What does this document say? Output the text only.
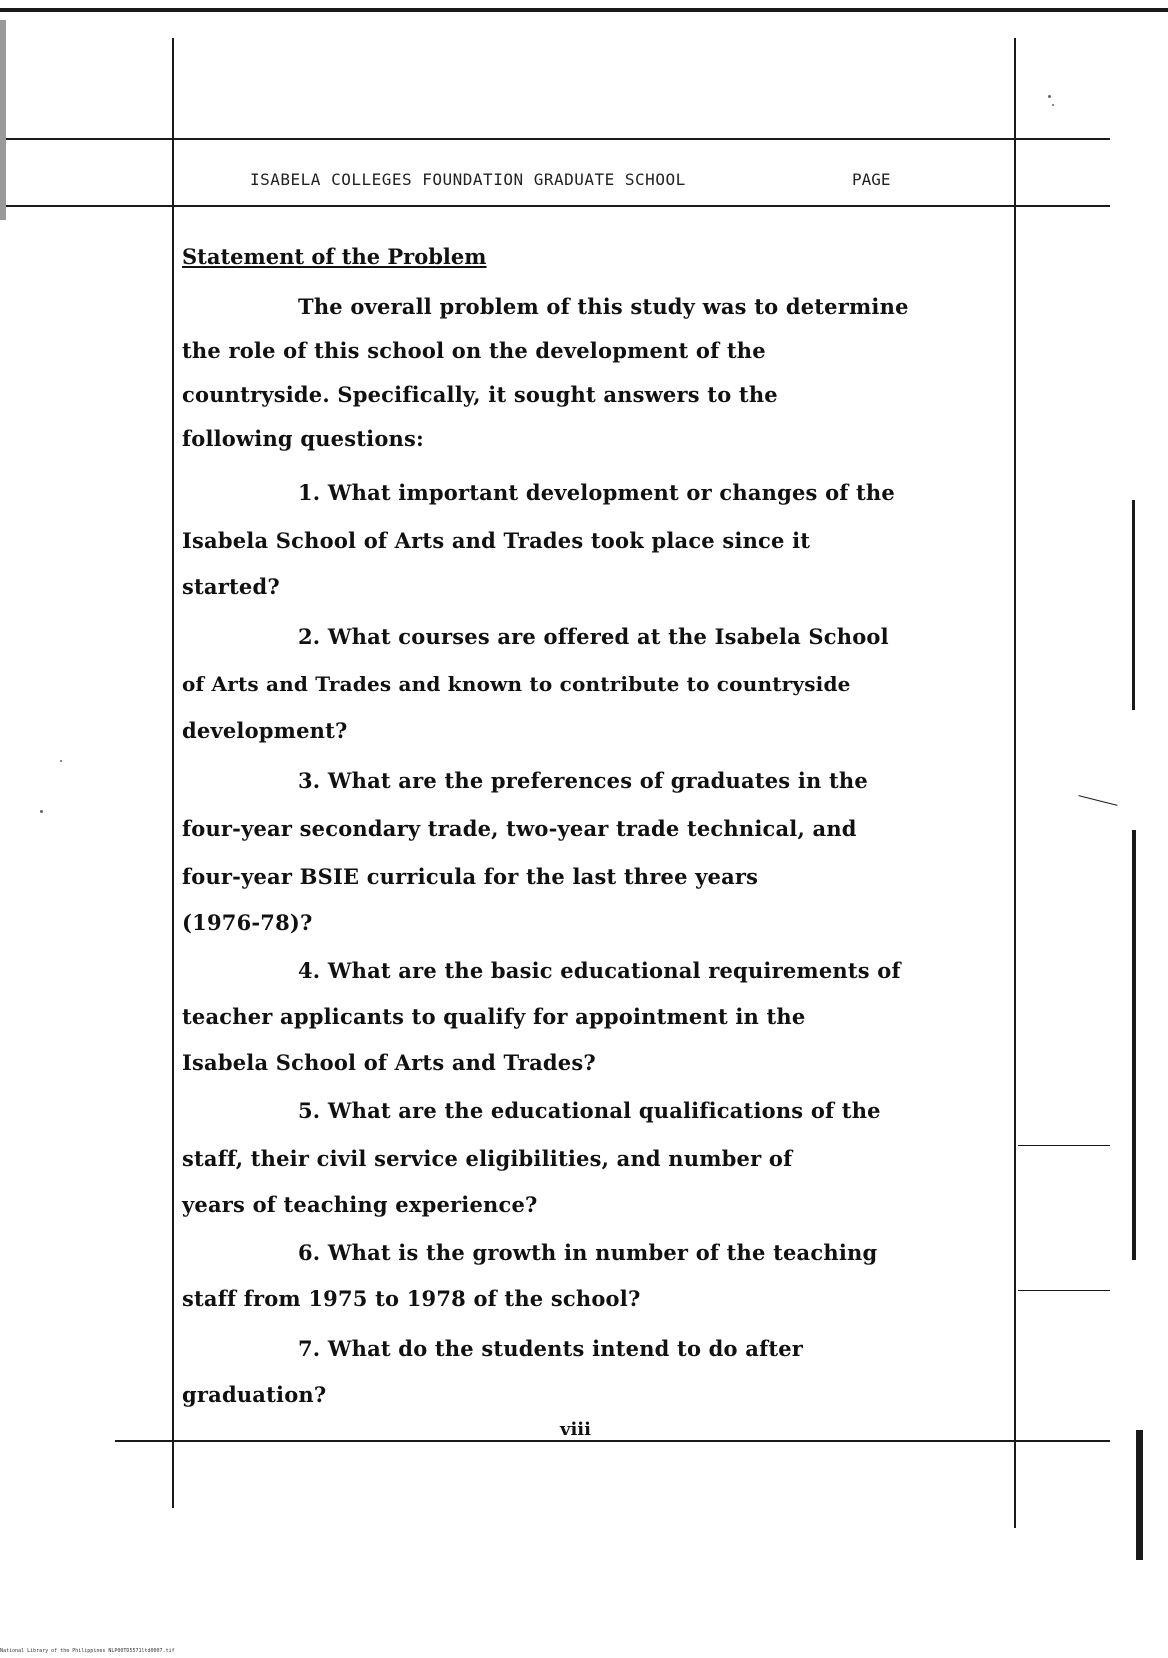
ISABELA COLLEGES FOUNDATION GRADUATE SCHOOL	PAGE
Statement of the Problem
The overall problem of this study was to determine
the role of this school on the development of the
countryside. Specifically, it sought answers to the
following questions:
1. What important development or changes of the
Isabela School of Arts and Trades took place since it
started?
2. What courses are offered at the Isabela School
of Arts and Trades and known to contribute to countryside
development?
3. What are the preferences of graduates in the
four-year secondary trade, two-year trade technical, and
four-year BSIE curricula for the last three years
(1976-78)?
4. What are the basic educational requirements of
teacher applicants to qualify for appointment in the
Isabela School of Arts and Trades?
5. What are the educational qualifications of the
staff, their civil service eligibilities, and number of
years of teaching experience?
6. What is the growth in number of the teaching
staff from 1975 to 1978 of the school?
7. What do the students intend to do after
graduation?
viii
National Library of the Philippines NLP00TD5571ltd0007.tif
